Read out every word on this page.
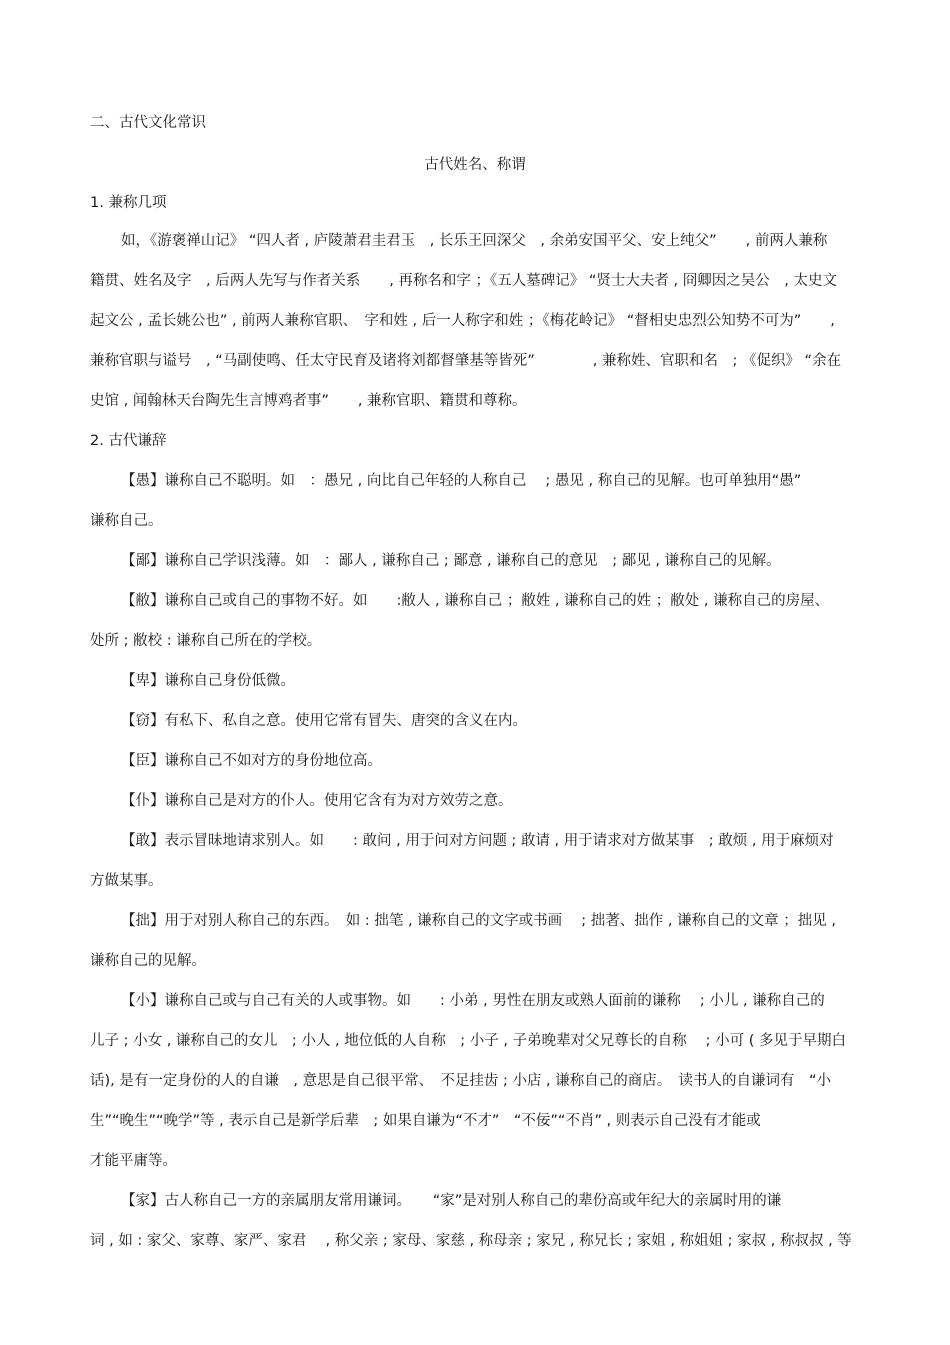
二、古代文化常识
古代姓名、称谓
1. 兼称几项
如，《游褒禅山记》 “四人者 , 庐陵萧君圭君玉　, 长乐王回深父　, 余弟安国平父、安上纯父”　　, 前两人兼称
籍贯、姓名及字　, 后两人先写与作者关系　　, 再称名和字 ；《五人墓碑记》 “贤士大夫者 , 冏卿因之吴公　, 太史文
起文公 , 孟长姚公也” , 前两人兼称官职、　字和姓 , 后一人称字和姓 ；《梅花岭记》 “督相史忠烈公知势不可为”　　,
兼称官职与谥号　, “马副使鸣、任太守民育及诸将刘都督肇基等皆死”　　　　, 兼称姓、官职和名　; 《促织》 “余在
史馆 , 闻翰林天台陶先生言博鸡者事”　　, 兼称官职、籍贯和尊称。
2. 古代谦辞
【愚】谦称自己不聪明。如　：愚兄 , 向比自己年轻的人称自己　 ; 愚见 , 称自己的见解。也可单独用“愚”
谦称自己。
【鄙】谦称自己学识浅薄。如　：鄙人 , 谦称自己 ; 鄙意 , 谦称自己的意见　; 鄙见 , 谦称自己的见解。
【敝】谦称自己或自己的事物不好。如　　:敝人 , 谦称自己 ；敝姓 , 谦称自己的姓 ；敝处 , 谦称自己的房屋、
处所 ; 敝校 : 谦称自己所在的学校。
【卑】谦称自己身份低微。
【窃】有私下、私自之意。使用它常有冒失、唐突的含义在内。
【臣】谦称自己不如对方的身份地位高。
【仆】谦称自己是对方的仆人。使用它含有为对方效劳之意。
【敢】表示冒昧地请求别人。如　　: 敢问 , 用于问对方问题 ; 敢请 , 用于请求对方做某事　; 敢烦 , 用于麻烦对
方做某事。
【拙】用于对别人称自己的东西。　如 : 拙笔 , 谦称自己的文字或书画　 ; 拙著、拙作 , 谦称自己的文章 ；拙见 ,
谦称自己的见解。
【小】谦称自己或与自己有关的人或事物。如　　: 小弟 , 男性在朋友或熟人面前的谦称　 ; 小儿 , 谦称自己的
儿子 ; 小女 , 谦称自己的女儿　; 小人 , 地位低的人自称　; 小子 , 子弟晚辈对父兄尊长的自称　 ; 小可 ( 多见于早期白
话), 是有一定身份的人的自谦　, 意思是自己很平常、　不足挂齿 ; 小店 , 谦称自己的商店。　读书人的自谦词有　“小
生”“晚生”“晚学”等 , 表示自己是新学后辈　; 如果自谦为“不才”　“不佞”“不肖” , 则表示自己没有才能或
才能平庸等。
【家】古人称自己一方的亲属朋友常用谦词。　　“家”是对别人称自己的辈份高或年纪大的亲属时用的谦
词 , 如 : 家父、家尊、家严、家君　 , 称父亲 ; 家母、家慈 , 称母亲 ; 家兄 , 称兄长 ; 家姐 , 称姐姐 ; 家叔 , 称叔叔 , 等
